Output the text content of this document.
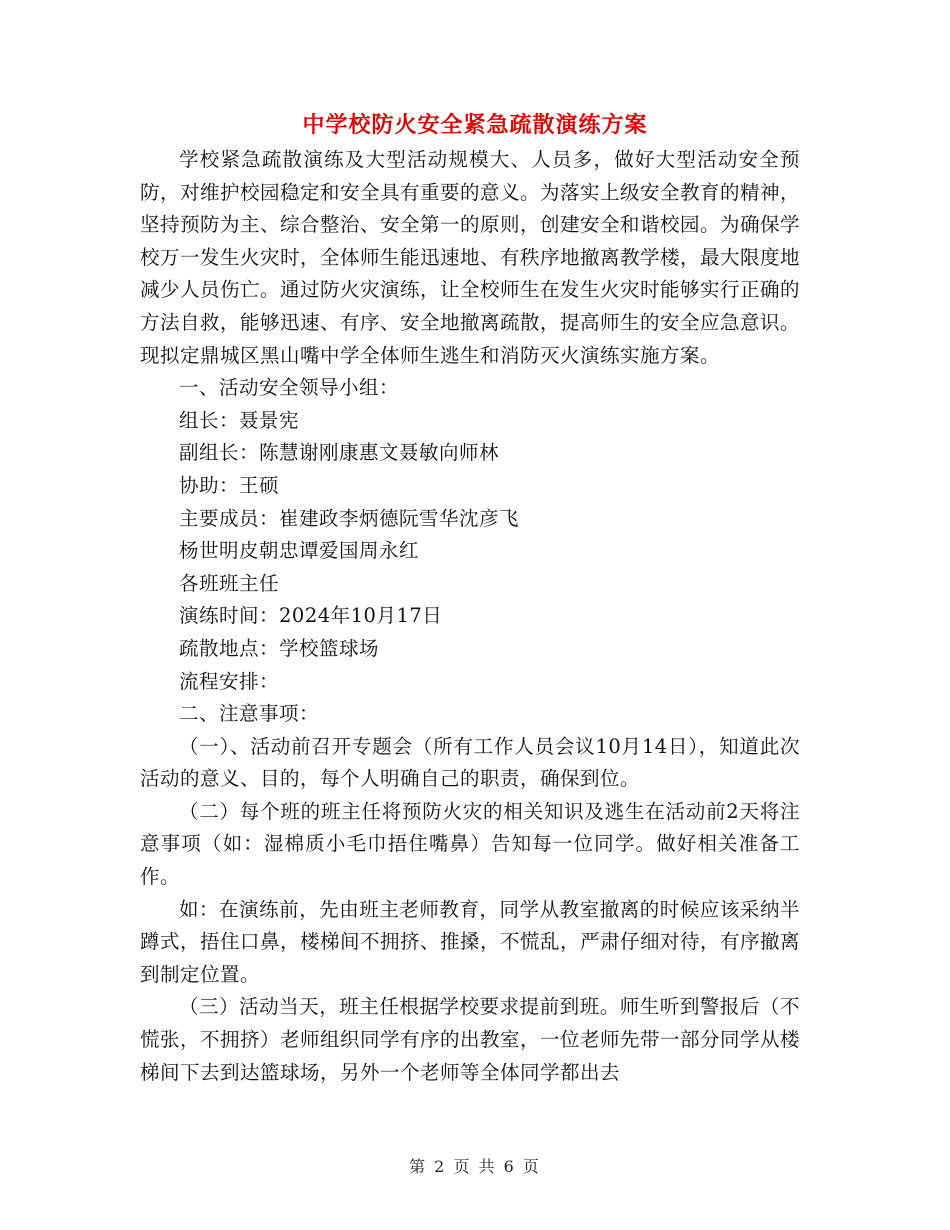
中学校防火安全紧急疏散演练方案

学校紧急疏散演练及大型活动规模大、人员多，做好大型活动安全预防，对维护校园稳定和安全具有重要的意义。为落实上级安全教育的精神，坚持预防为主、综合整治、安全第一的原则，创建安全和谐校园。为确保学校万一发生火灾时，全体师生能迅速地、有秩序地撤离教学楼，最大限度地减少人员伤亡。通过防火灾演练，让全校师生在发生火灾时能够实行正确的方法自救，能够迅速、有序、安全地撤离疏散，提高师生的安全应急意识。现拟定鼎城区黑山嘴中学全体师生逃生和消防灭火演练实施方案。

一、活动安全领导小组：

组长：聂景宪

副组长：陈慧谢刚康惠文聂敏向师林

协助：王硕

主要成员：崔建政李炳德阮雪华沈彦飞

杨世明皮朝忠谭爱国周永红

各班班主任

演练时间：2024年10月17日

疏散地点：学校篮球场

流程安排：

二、注意事项：

（一）、活动前召开专题会（所有工作人员会议10月14日），知道此次活动的意义、目的，每个人明确自己的职责，确保到位。

（二）每个班的班主任将预防火灾的相关知识及逃生在活动前2天将注意事项（如：湿棉质小毛巾捂住嘴鼻）告知每一位同学。做好相关准备工作。

如：在演练前，先由班主老师教育，同学从教室撤离的时候应该采纳半蹲式，捂住口鼻，楼梯间不拥挤、推搡，不慌乱，严肃仔细对待，有序撤离到制定位置。

（三）活动当天，班主任根据学校要求提前到班。师生听到警报后（不慌张，不拥挤）老师组织同学有序的出教室，一位老师先带一部分同学从楼梯间下去到达篮球场，另外一个老师等全体同学都出去

第 2 页 共 6 页
